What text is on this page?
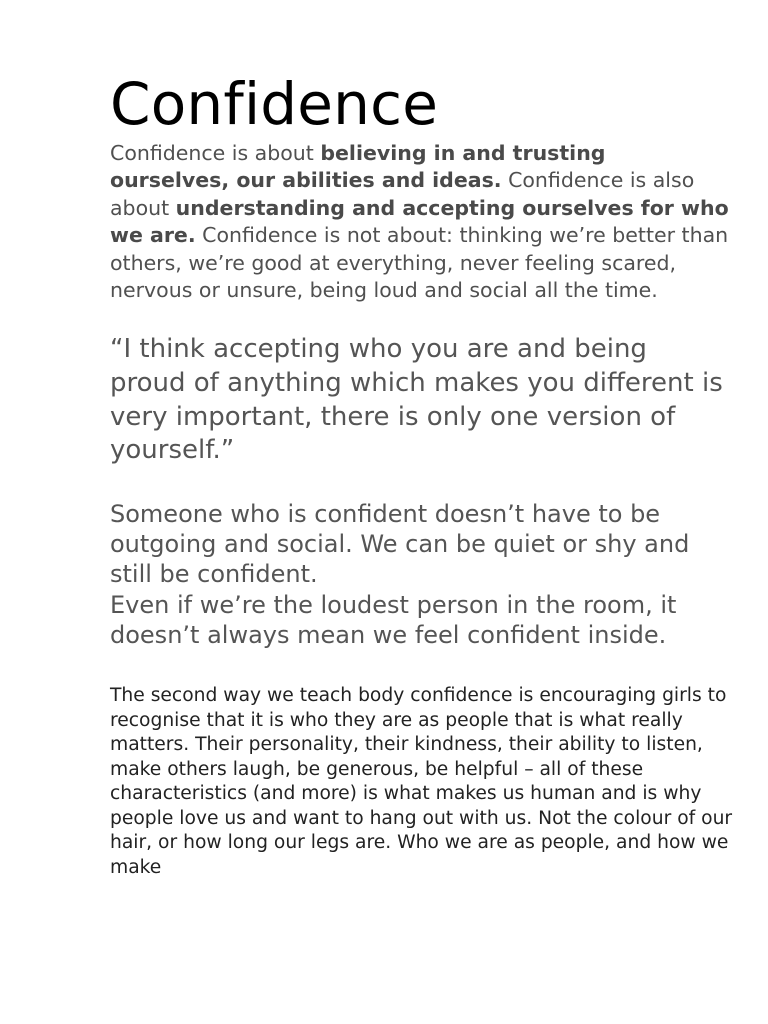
Confidence

Confidence is about believing in and trusting ourselves, our abilities and ideas. Confidence is also about understanding and accepting ourselves for who we are. Confidence is not about: thinking we’re better than others, we’re good at everything, never feeling scared, nervous or unsure, being loud and social all the time.

“I think accepting who you are and being proud of anything which makes you different is very important, there is only one version of yourself.”

Someone who is confident doesn’t have to be outgoing and social. We can be quiet or shy and still be confident.
Even if we’re the loudest person in the room, it doesn’t always mean we feel confident inside.

The second way we teach body confidence is encouraging girls to recognise that it is who they are as people that is what really matters. Their personality, their kindness, their ability to listen, make others laugh, be generous, be helpful – all of these characteristics (and more) is what makes us human and is why people love us and want to hang out with us. Not the colour of our hair, or how long our legs are. Who we are as people, and how we make
